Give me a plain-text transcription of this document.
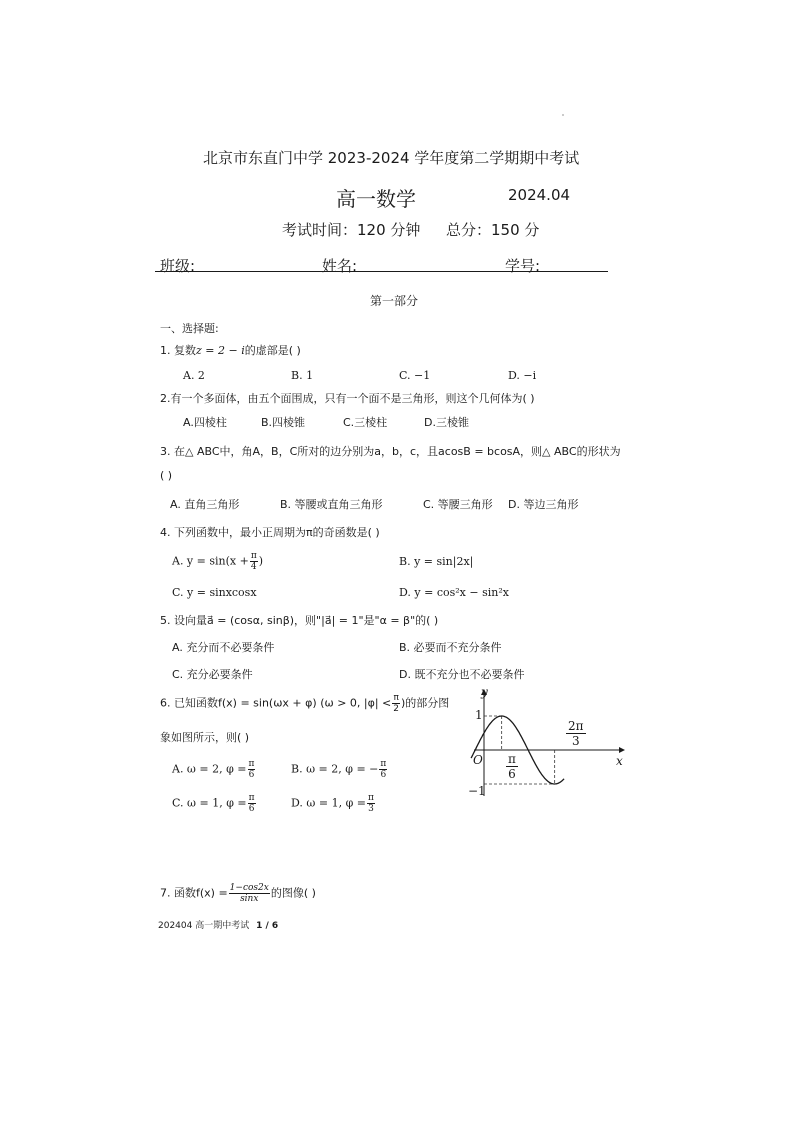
北京市东直门中学 2023-2024 学年度第二学期期中考试
高一数学	2024.04
考试时间：120 分钟 总分：150 分
班级:	姓名:	学号:
第一部分
一、选择题:
1. 复数z = 2 − i的虚部是( )
A. 2	B. 1	C. −1	D. −i
2.有一个多面体，由五个面围成，只有一个面不是三角形，则这个几何体为( )
A.四棱柱	B.四棱锥	C.三棱柱	D.三棱锥
3. 在△ ABC中，角A，B，C所对的边分别为a，b，c，且acosB = bcosA，则△ ABC的形状为
( )
A. 直角三角形	B. 等腰或直角三角形	C. 等腰三角形 D. 等边三角形
4. 下列函数中，最小正周期为π的奇函数是( )
A. $y = \sin(x + \frac{\pi}{4}$ )	B. y = sin|2x|
C. y = sinxcosx	D. y = cos²x − sin²x
5. 设向量a⃗ = (cosα, sinβ)，则"|a⃗| = 1"是"α = β"的( )
A. 充分而不必要条件	B. 必要而不充分条件
C. 充分必要条件	D. 既不充分也不必要条件
6. 已知函数f(x) = sin(ωx + φ) (ω > 0, $|\varphi| < \frac{\pi}{2}$ )的部分图
象如图所示，则( )
A. ω = 2, $\varphi = \frac{\pi}{6}$	B. ω = 2, φ = − $\frac{\pi}{6}$
C. ω = 1, $\varphi = \frac{\pi}{6}$	D. ω = 1, $\varphi = \frac{\pi}{3}$
y
x
O
1
−1
π
6
2π
3
7. 函数$f(x) = \frac{1-\cos 2x}{\sin x}$ 的图像( )
202404 高一期中考试 1 / 6
